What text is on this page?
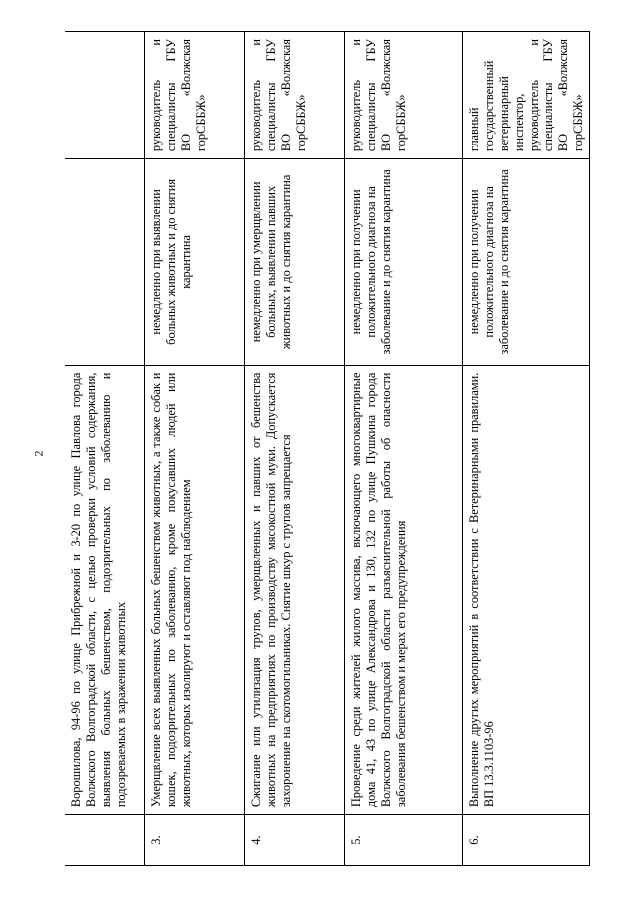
2
	Ворошилова, 94-96 по улице Прибрежной и 3-20 по улице Павлова города Волжского Волгоградской области, с целью проверки условий содержания, выявления больных бешенством, подозрительных по заболеванию и подозреваемых в заражении животных		
3.	Умерщвление всех выявленных больных бешенством животных, а также собак и кошек, подозрительных по заболеванию, кроме покусавших людей или животных, которых изолируют и оставляют под наблюдением	немедленно при выявлении больных животных и до снятия карантина	руководитель и специалисты ГБУ ВО «Волжская горСББЖ»
4.	Сжигание или утилизация трупов, умерщвленных и павших от бешенства животных на предприятиях по производству мясокостной муки. Допускается захоронение на скотомогильниках. Снятие шкур с трупов запрещается	немедленно при умерщвлении больных, выявлении павших животных и до снятия карантина	руководитель и специалисты ГБУ ВО «Волжская горСББЖ»
5.	Проведение среди жителей жилого массива, включающего многоквартирные дома 41, 43 по улице Александрова и 130, 132 по улице Пушкина города Волжского Волгоградской области разъяснительной работы об опасности заболевания бешенством и мерах его предупреждения	немедленно при получении положительного диагноза на заболевание и до снятия карантина	руководитель и специалисты ГБУ ВО «Волжская горСББЖ»
6.	Выполнение других мероприятий в соответствии с Ветеринарными правилами. ВП 13.3.1103-96	немедленно при получении положительного диагноза на заболевание и до снятия карантина	главный государственный ветеринарный инспектор, руководитель и специалисты ГБУ ВО «Волжская горСББЖ»
